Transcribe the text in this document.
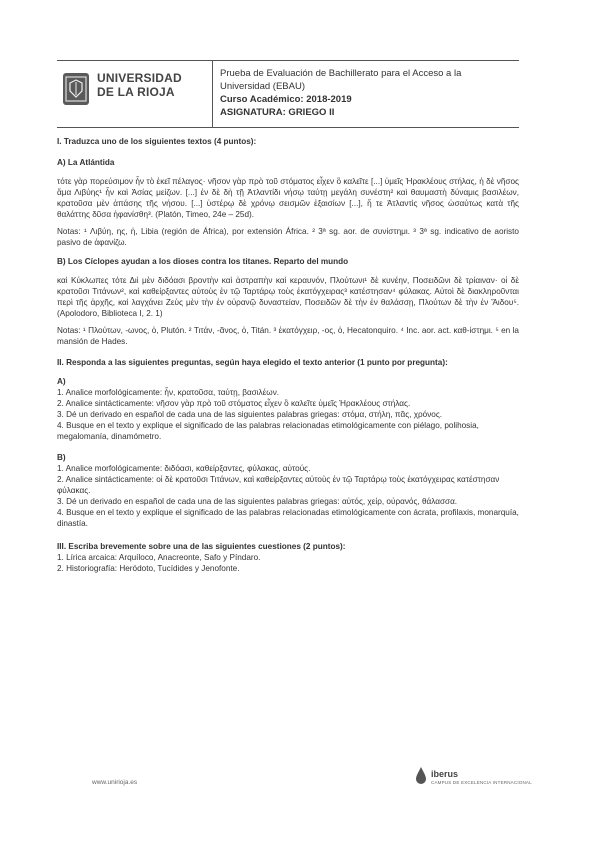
UNIVERSIDAD
DE LA RIOJA
Prueba de Evaluación de Bachillerato para el Acceso a la
Universidad (EBAU)
Curso Académico: 2018-2019
ASIGNATURA: GRIEGO II

I. Traduzca uno de los siguientes textos (4 puntos):

A) La Atlántida

τότε γὰρ πορεύσιμον ἦν τὸ ἐκεῖ πέλαγος· νῆσον γὰρ πρὸ τοῦ στόματος εἶχεν ὃ καλεῖτε [...] ὑμεῖς Ἡρακλέους στήλας, ἡ δὲ νῆσος ἅμα Λιβύης¹ ἦν καὶ Ἀσίας μείζων. [...] ἐν δὲ δὴ τῇ Ἀτλαντίδι νήσῳ ταύτῃ μεγάλη συνέστη² καὶ θαυμαστὴ δύναμις βασιλέων, κρατοῦσα μὲν ἁπάσης τῆς νήσου. [...] ὑστέρῳ δὲ χρόνῳ σεισμῶν ἐξαισίων [...], ἥ τε Ἀτλαντὶς νῆσος ὡσαύτως κατὰ τῆς θαλάττης δῦσα ἠφανίσθη³. (Platón, Timeo, 24e – 25d).

Notas: ¹ Λιβύη, ης, ἡ, Libia (región de África), por extensión África. ² 3ª sg. aor. de συνίστημι. ³ 3ª sg. indicativo de aoristo pasivo de ἀφανίζω.

B) Los Cíclopes ayudan a los dioses contra los titanes. Reparto del mundo

καὶ Κύκλωπες τότε Διὶ μὲν διδόασι βροντὴν καὶ ἀστραπὴν καὶ κεραυνόν, Πλούτωνι¹ δὲ κυνέην, Ποσειδῶνι δὲ τρίαιναν· οἱ δὲ κρατοῦσι Τιτάνων², καὶ καθείρξαντες αὐτοὺς ἐν τῷ Ταρτάρῳ τοὺς ἑκατόγχειρας³ κατέστησαν⁴ φύλακας. Αὐτοὶ δὲ διακληροῦνται περὶ τῆς ἀρχῆς, καὶ λαγχάνει Ζεὺς μὲν τὴν ἐν οὐρανῷ δυναστείαν, Ποσειδῶν δὲ τὴν ἐν θαλάσσῃ, Πλούτων δὲ τὴν ἐν Ἅιδου⁵. (Apolodoro, Biblioteca I, 2. 1)

Notas: ¹ Πλούτων, -ωνος, ὁ, Plutón. ² Τιτάν, -ᾶνος, ὁ, Titán. ³ ἑκατόγχειρ, -ος, ὁ, Hecatonquiro. ⁴ Inc. aor. act. καθ-ίστημι. ⁵ en la mansión de Hades.

II. Responda a las siguientes preguntas, según haya elegido el texto anterior (1 punto por pregunta):

A)

1. Analice morfológicamente: ἦν, κρατοῦσα, ταύτῃ, βασιλέων.
2. Analice sintácticamente: νῆσον γὰρ πρὸ τοῦ στόματος εἶχεν ὃ καλεῖτε ὑμεῖς Ἡρακλέους στήλας.
3. Dé un derivado en español de cada una de las siguientes palabras griegas: στόμα, στήλη, πᾶς, χρόνος.
4. Busque en el texto y explique el significado de las palabras relacionadas etimológicamente con piélago, polihosia, megalomanía, dinamómetro.

B)

1. Analice morfológicamente: διδόασι, καθείρξαντες, φύλακας, αὐτούς.
2. Analice sintácticamente: οἱ δὲ κρατοῦσι Τιτάνων, καὶ καθείρξαντες αὐτοὺς ἐν τῷ Ταρτάρῳ τοὺς ἑκατόγχειρας κατέστησαν φύλακας.
3. Dé un derivado en español de cada una de las siguientes palabras griegas: αὐτός, χείρ, οὐρανός, θάλασσα.
4. Busque en el texto y explique el significado de las palabras relacionadas etimológicamente con ácrata, profilaxis, monarquía, dinastía.

III. Escriba brevemente sobre una de las siguientes cuestiones (2 puntos):

1. Lírica arcaica: Arquíloco, Anacreonte, Safo y Píndaro.
2. Historiografía: Heródoto, Tucídides y Jenofonte.
www.unirioja.es
iberus
CAMPUS DE EXCELENCIA INTERNACIONAL
